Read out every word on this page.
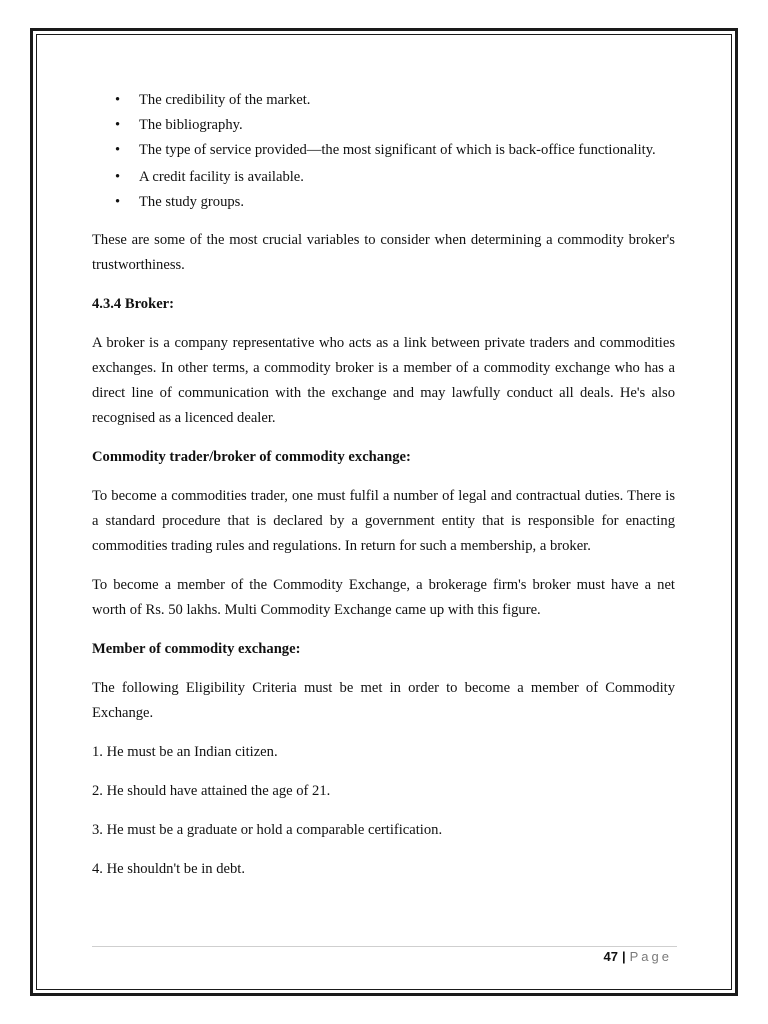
• The credibility of the market.
• The bibliography.
• The type of service provided—the most significant of which is back-office functionality.
• A credit facility is available.
• The study groups.

These are some of the most crucial variables to consider when determining a commodity broker's trustworthiness.

4.3.4 Broker:

A broker is a company representative who acts as a link between private traders and commodities exchanges. In other terms, a commodity broker is a member of a commodity exchange who has a direct line of communication with the exchange and may lawfully conduct all deals. He's also recognised as a licenced dealer.

Commodity trader/broker of commodity exchange:

To become a commodities trader, one must fulfil a number of legal and contractual duties. There is a standard procedure that is declared by a government entity that is responsible for enacting commodities trading rules and regulations. In return for such a membership, a broker.

To become a member of the Commodity Exchange, a brokerage firm's broker must have a net worth of Rs. 50 lakhs. Multi Commodity Exchange came up with this figure.

Member of commodity exchange:

The following Eligibility Criteria must be met in order to become a member of Commodity Exchange.

1. He must be an Indian citizen.

2. He should have attained the age of 21.

3. He must be a graduate or hold a comparable certification.

4. He shouldn't be in debt.

47 | Page
